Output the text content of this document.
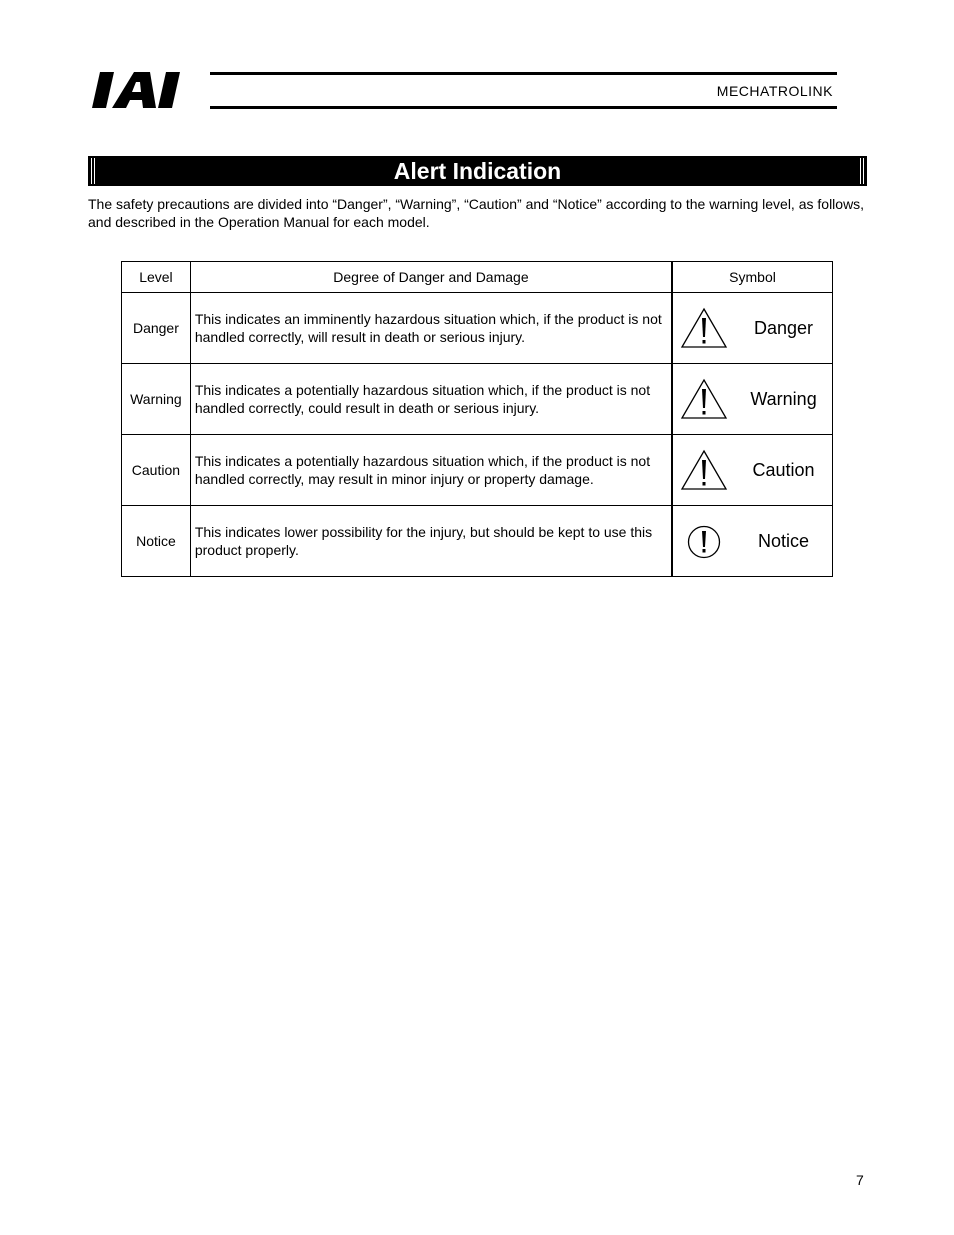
MECHATROLINK
Alert Indication
The safety precautions are divided into “Danger”, “Warning”, “Caution” and “Notice” according to the warning level, as follows, and described in the Operation Manual for each model.
Level	Degree of Danger and Damage	Symbol
Danger	This indicates an imminently hazardous situation which, if the product is not handled correctly, will result in death or serious injury.	Danger

Warning	This indicates a potentially hazardous situation which, if the product is not handled correctly, could result in death or serious injury.	Warning

Caution	This indicates a potentially hazardous situation which, if the product is not handled correctly, may result in minor injury or property damage.	Caution

Notice	This indicates lower possibility for the injury, but should be kept to use this product properly.	Notice
7
